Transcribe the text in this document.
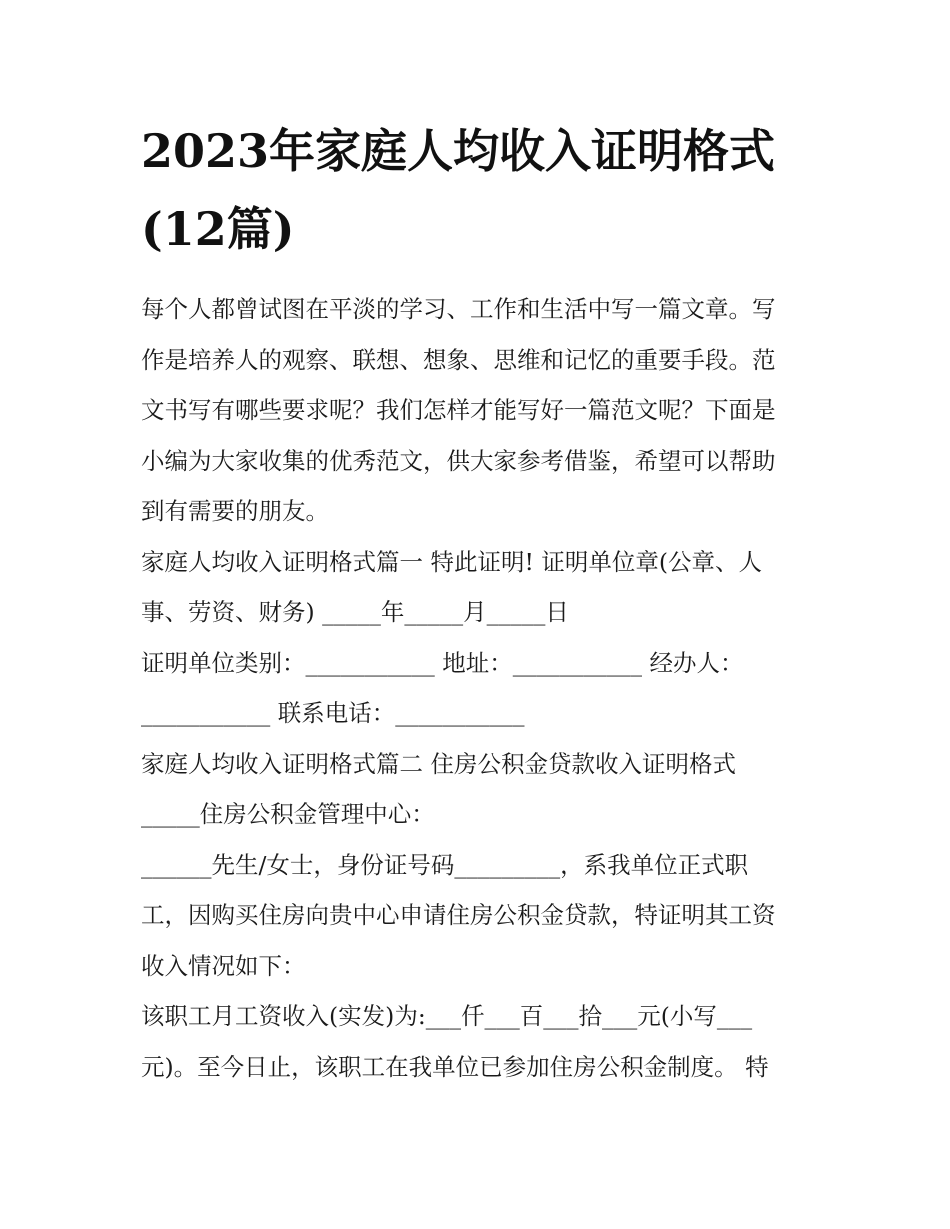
2023年家庭人均收入证明格式
(12篇)

每个人都曾试图在平淡的学习、工作和生活中写一篇文章。写
作是培养人的观察、联想、想象、思维和记忆的重要手段。范
文书写有哪些要求呢？我们怎样才能写好一篇范文呢？下面是
小编为大家收集的优秀范文，供大家参考借鉴，希望可以帮助
到有需要的朋友。

家庭人均收入证明格式篇一 特此证明! 证明单位章(公章、人
事、劳资、财务) _____年_____月_____日

证明单位类别：___________ 地址：___________ 经办人：
___________ 联系电话：___________

家庭人均收入证明格式篇二 住房公积金贷款收入证明格式

_____住房公积金管理中心：

______先生/女士，身份证号码_________，系我单位正式职
工，因购买住房向贵中心申请住房公积金贷款，特证明其工资
收入情况如下：

该职工月工资收入(实发)为:___仟___百___拾___元(小写___
元)。至今日止，该职工在我单位已参加住房公积金制度。 特
